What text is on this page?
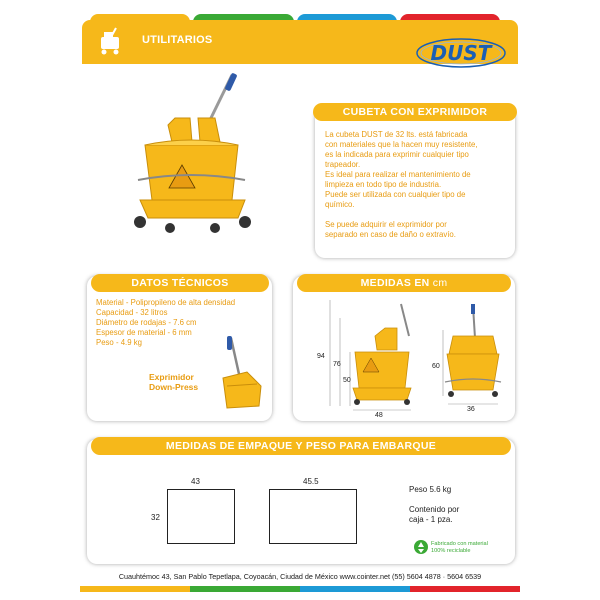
UTILITARIOS
DUST
CUBETA CON EXPRIMIDOR
La cubeta DUST de 32 lts. está fabricada
con materiales que la hacen muy resistente,
es la indicada para exprimir cualquier tipo
trapeador.
Es ideal para realizar el mantenimiento de
limpieza en todo tipo de industria.
Puede ser utilizada con cualquier tipo de
químico.

Se puede adquirir el exprimidor por
separado en caso de daño o extravío.
DATOS TÉCNICOS
Material - Polipropileno de alta densidad
Capacidad - 32 litros
Diámetro de rodajas - 7.6 cm
Espesor de material - 6 mm
Peso - 4.9 kg
Exprimidor
Down-Press
MEDIDAS EN cm
94
76
50
48
60
36
MEDIDAS DE EMPAQUE Y PESO PARA EMBARQUE
43
32
45.5
Peso 5.6 kg
Contenido por
caja - 1 pza.
Fabricado con material
100% reciclable
Cuauhtémoc 43, San Pablo Tepetlapa, Coyoacán, Ciudad de México www.cointer.net (55) 5604 4878 · 5604 6539
